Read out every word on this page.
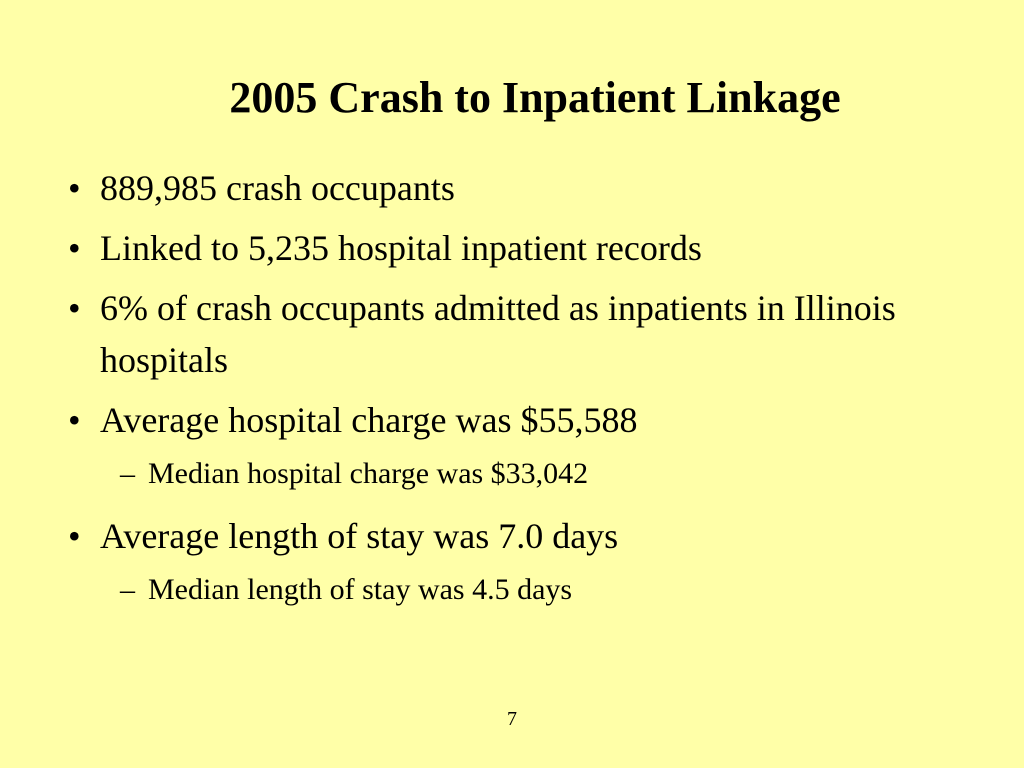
2005 Crash to Inpatient Linkage
• 889,985 crash occupants
• Linked to 5,235 hospital inpatient records
• 6% of crash occupants admitted as inpatients in Illinois hospitals
• Average hospital charge was $55,588
– Median hospital charge was $33,042
• Average length of stay was 7.0 days
– Median length of stay was 4.5 days
7
